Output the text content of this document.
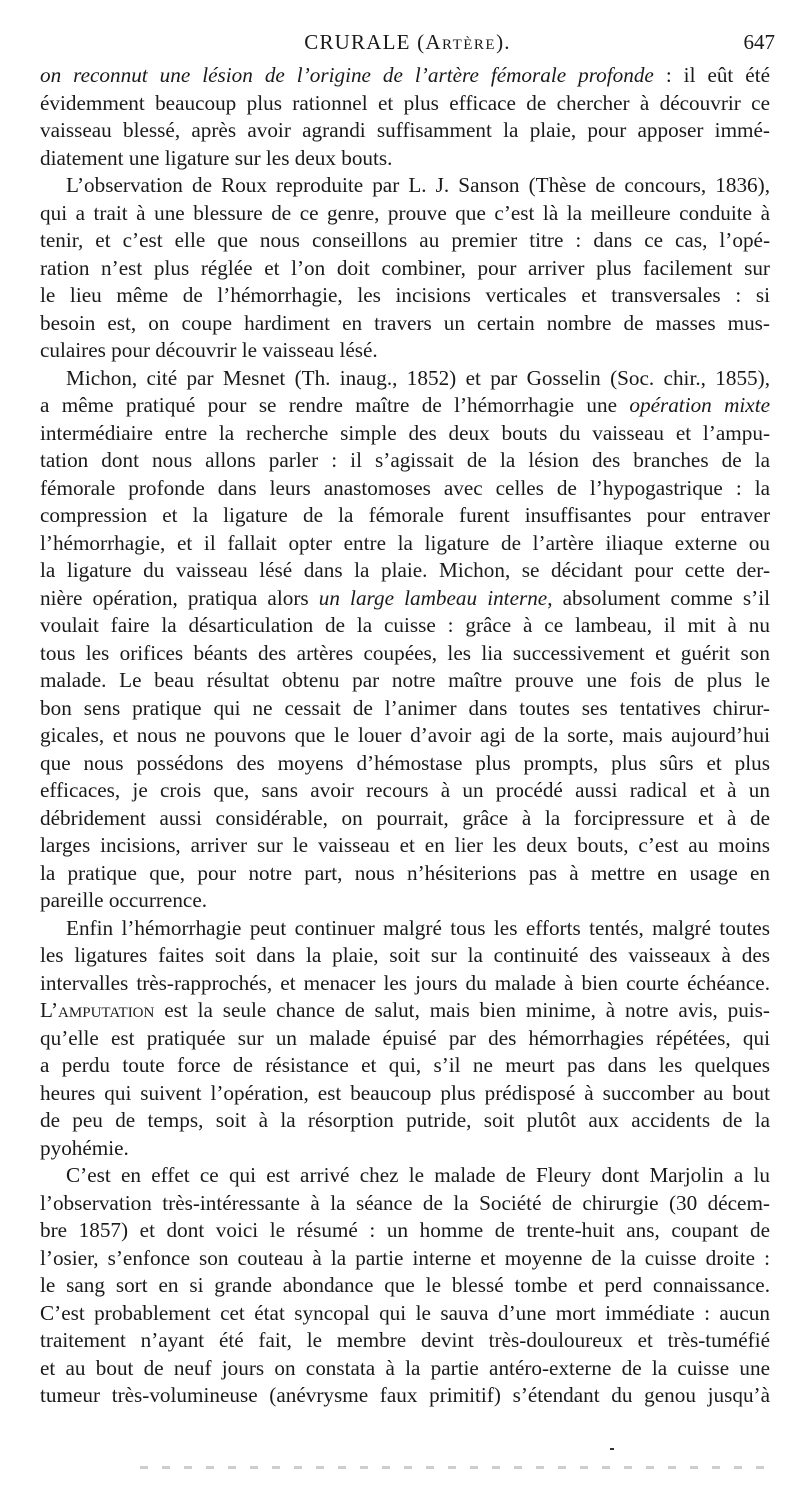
CRURALE (Artère).	647

on reconnut une lésion de l’origine de l’artère fémorale profonde : il eût été
évidemment beaucoup plus rationnel et plus efficace de chercher à découvrir ce
vaisseau blessé, après avoir agrandi suffisamment la plaie, pour apposer immé-
diatement une ligature sur les deux bouts.

L’observation de Roux reproduite par L. J. Sanson (Thèse de concours, 1836),
qui a trait à une blessure de ce genre, prouve que c’est là la meilleure conduite à
tenir, et c’est elle que nous conseillons au premier titre : dans ce cas, l’opé-
ration n’est plus réglée et l’on doit combiner, pour arriver plus facilement sur
le lieu même de l’hémorrhagie, les incisions verticales et transversales : si
besoin est, on coupe hardiment en travers un certain nombre de masses mus-
culaires pour découvrir le vaisseau lésé.

Michon, cité par Mesnet (Th. inaug., 1852) et par Gosselin (Soc. chir., 1855),
a même pratiqué pour se rendre maître de l’hémorrhagie une opération mixte
intermédiaire entre la recherche simple des deux bouts du vaisseau et l’ampu-
tation dont nous allons parler : il s’agissait de la lésion des branches de la
fémorale profonde dans leurs anastomoses avec celles de l’hypogastrique : la
compression et la ligature de la fémorale furent insuffisantes pour entraver
l’hémorrhagie, et il fallait opter entre la ligature de l’artère iliaque externe ou
la ligature du vaisseau lésé dans la plaie. Michon, se décidant pour cette der-
nière opération, pratiqua alors un large lambeau interne, absolument comme s’il
voulait faire la désarticulation de la cuisse : grâce à ce lambeau, il mit à nu
tous les orifices béants des artères coupées, les lia successivement et guérit son
malade. Le beau résultat obtenu par notre maître prouve une fois de plus le
bon sens pratique qui ne cessait de l’animer dans toutes ses tentatives chirur-
gicales, et nous ne pouvons que le louer d’avoir agi de la sorte, mais aujourd’hui
que nous possédons des moyens d’hémostase plus prompts, plus sûrs et plus
efficaces, je crois que, sans avoir recours à un procédé aussi radical et à un
débridement aussi considérable, on pourrait, grâce à la forcipressure et à de
larges incisions, arriver sur le vaisseau et en lier les deux bouts, c’est au moins
la pratique que, pour notre part, nous n’hésiterions pas à mettre en usage en
pareille occurrence.

Enfin l’hémorrhagie peut continuer malgré tous les efforts tentés, malgré toutes
les ligatures faites soit dans la plaie, soit sur la continuité des vaisseaux à des
intervalles très-rapprochés, et menacer les jours du malade à bien courte échéance.
L’amputation est la seule chance de salut, mais bien minime, à notre avis, puis-
qu’elle est pratiquée sur un malade épuisé par des hémorrhagies répétées, qui
a perdu toute force de résistance et qui, s’il ne meurt pas dans les quelques
heures qui suivent l’opération, est beaucoup plus prédisposé à succomber au bout
de peu de temps, soit à la résorption putride, soit plutôt aux accidents de la
pyohémie.

C’est en effet ce qui est arrivé chez le malade de Fleury dont Marjolin a lu
l’observation très-intéressante à la séance de la Société de chirurgie (30 décem-
bre 1857) et dont voici le résumé : un homme de trente-huit ans, coupant de
l’osier, s’enfonce son couteau à la partie interne et moyenne de la cuisse droite :
le sang sort en si grande abondance que le blessé tombe et perd connaissance.
C’est probablement cet état syncopal qui le sauva d’une mort immédiate : aucun
traitement n’ayant été fait, le membre devint très-douloureux et très-tuméfié
et au bout de neuf jours on constata à la partie antéro-externe de la cuisse une
tumeur très-volumineuse (anévrysme faux primitif) s’étendant du genou jusqu’à
